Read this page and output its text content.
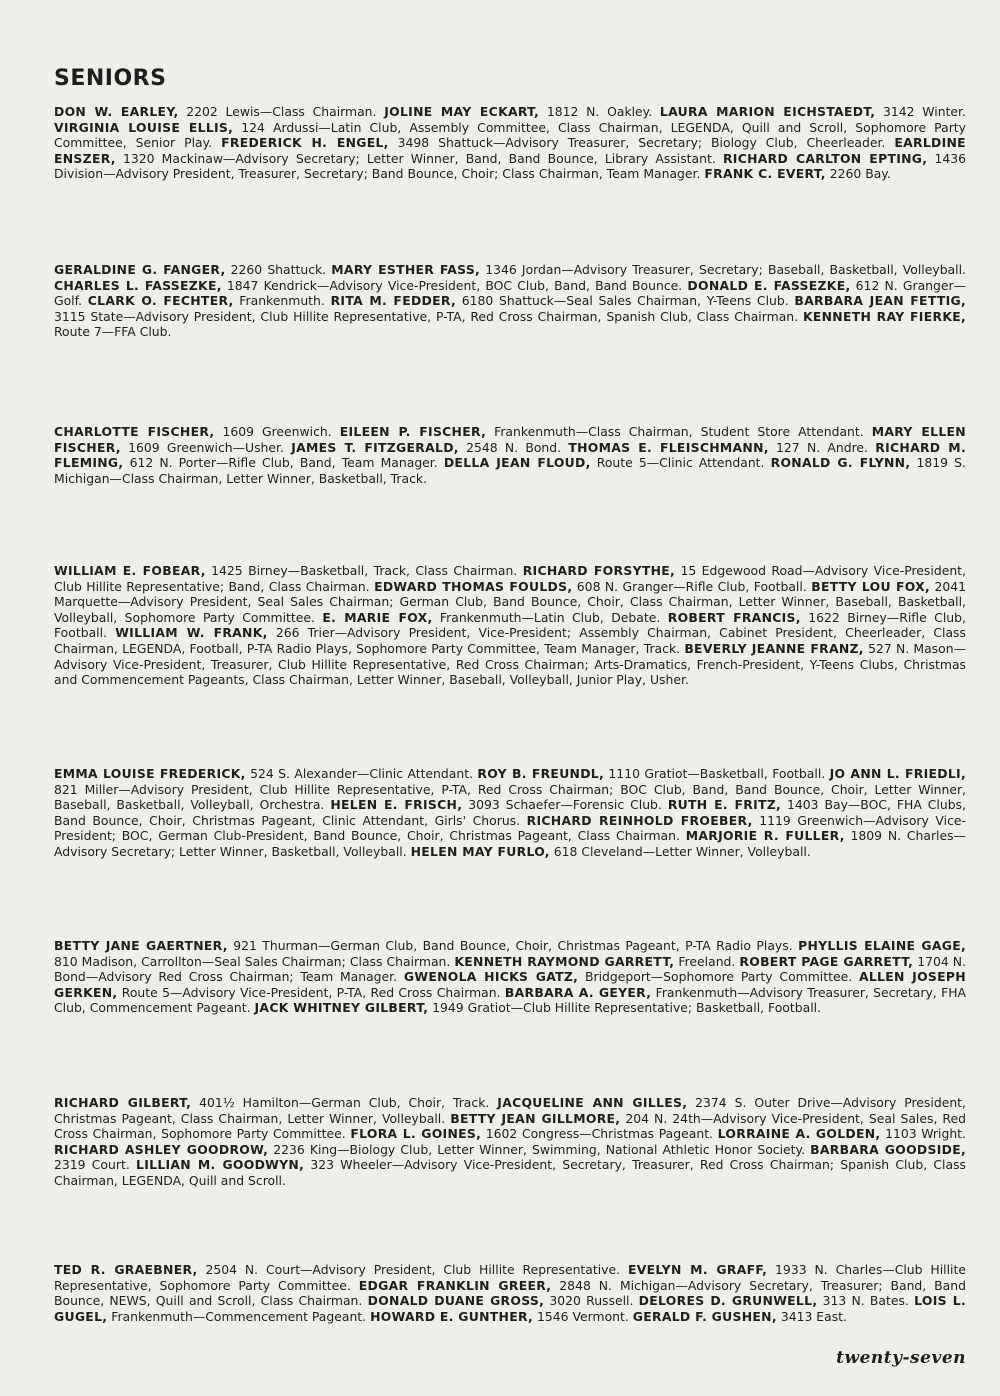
SENIORS

DON W. EARLEY, 2202 Lewis—Class Chairman. JOLINE MAY ECKART, 1812 N. Oakley. LAURA MARION EICHSTAEDT, 3142 Winter. VIRGINIA LOUISE ELLIS, 124 Ardussi—Latin Club, Assembly Committee, Class Chairman, LEGENDA, Quill and Scroll, Sophomore Party Committee, Senior Play. FREDERICK H. ENGEL, 3498 Shattuck—Advisory Treasurer, Secretary; Biology Club, Cheerleader. EARLDINE ENSZER, 1320 Mackinaw—Advisory Secretary; Letter Winner, Band, Band Bounce, Library Assistant. RICHARD CARLTON EPTING, 1436 Division—Advisory President, Treasurer, Secretary; Band Bounce, Choir; Class Chairman, Team Manager. FRANK C. EVERT, 2260 Bay.

GERALDINE G. FANGER, 2260 Shattuck. MARY ESTHER FASS, 1346 Jordan—Advisory Treasurer, Secretary; Baseball, Basketball, Volleyball. CHARLES L. FASSEZKE, 1847 Kendrick—Advisory Vice-President, BOC Club, Band, Band Bounce. DONALD E. FASSEZKE, 612 N. Granger—Golf. CLARK O. FECHTER, Frankenmuth. RITA M. FEDDER, 6180 Shattuck—Seal Sales Chairman, Y-Teens Club. BARBARA JEAN FETTIG, 3115 State—Advisory President, Club Hillite Representative, P-TA, Red Cross Chairman, Spanish Club, Class Chairman. KENNETH RAY FIERKE, Route 7—FFA Club.

CHARLOTTE FISCHER, 1609 Greenwich. EILEEN P. FISCHER, Frankenmuth—Class Chairman, Student Store Attendant. MARY ELLEN FISCHER, 1609 Greenwich—Usher. JAMES T. FITZGERALD, 2548 N. Bond. THOMAS E. FLEISCHMANN, 127 N. Andre. RICHARD M. FLEMING, 612 N. Porter—Rifle Club, Band, Team Manager. DELLA JEAN FLOUD, Route 5—Clinic Attendant. RONALD G. FLYNN, 1819 S. Michigan—Class Chairman, Letter Winner, Basketball, Track.

WILLIAM E. FOBEAR, 1425 Birney—Basketball, Track, Class Chairman. RICHARD FORSYTHE, 15 Edgewood Road—Advisory Vice-President, Club Hillite Representative; Band, Class Chairman. EDWARD THOMAS FOULDS, 608 N. Granger—Rifle Club, Football. BETTY LOU FOX, 2041 Marquette—Advisory President, Seal Sales Chairman; German Club, Band Bounce, Choir, Class Chairman, Letter Winner, Baseball, Basketball, Volleyball, Sophomore Party Committee. E. MARIE FOX, Frankenmuth—Latin Club, Debate. ROBERT FRANCIS, 1622 Birney—Rifle Club, Football. WILLIAM W. FRANK, 266 Trier—Advisory President, Vice-President; Assembly Chairman, Cabinet President, Cheerleader, Class Chairman, LEGENDA, Football, P-TA Radio Plays, Sophomore Party Committee, Team Manager, Track. BEVERLY JEANNE FRANZ, 527 N. Mason—Advisory Vice-President, Treasurer, Club Hillite Representative, Red Cross Chairman; Arts-Dramatics, French-President, Y-Teens Clubs, Christmas and Commencement Pageants, Class Chairman, Letter Winner, Baseball, Volleyball, Junior Play, Usher.

EMMA LOUISE FREDERICK, 524 S. Alexander—Clinic Attendant. ROY B. FREUNDL, 1110 Gratiot—Basketball, Football. JO ANN L. FRIEDLI, 821 Miller—Advisory President, Club Hillite Representative, P-TA, Red Cross Chairman; BOC Club, Band, Band Bounce, Choir, Letter Winner, Baseball, Basketball, Volleyball, Orchestra. HELEN E. FRISCH, 3093 Schaefer—Forensic Club. RUTH E. FRITZ, 1403 Bay—BOC, FHA Clubs, Band Bounce, Choir, Christmas Pageant, Clinic Attendant, Girls' Chorus. RICHARD REINHOLD FROEBER, 1119 Greenwich—Advisory Vice-President; BOC, German Club-President, Band Bounce, Choir, Christmas Pageant, Class Chairman. MARJORIE R. FULLER, 1809 N. Charles—Advisory Secretary; Letter Winner, Basketball, Volleyball. HELEN MAY FURLO, 618 Cleveland—Letter Winner, Volleyball.

BETTY JANE GAERTNER, 921 Thurman—German Club, Band Bounce, Choir, Christmas Pageant, P-TA Radio Plays. PHYLLIS ELAINE GAGE, 810 Madison, Carrollton—Seal Sales Chairman; Class Chairman. KENNETH RAYMOND GARRETT, Freeland. ROBERT PAGE GARRETT, 1704 N. Bond—Advisory Red Cross Chairman; Team Manager. GWENOLA HICKS GATZ, Bridgeport—Sophomore Party Committee. ALLEN JOSEPH GERKEN, Route 5—Advisory Vice-President, P-TA, Red Cross Chairman. BARBARA A. GEYER, Frankenmuth—Advisory Treasurer, Secretary, FHA Club, Commencement Pageant. JACK WHITNEY GILBERT, 1949 Gratiot—Club Hillite Representative; Basketball, Football.

RICHARD GILBERT, 401½ Hamilton—German Club, Choir, Track. JACQUELINE ANN GILLES, 2374 S. Outer Drive—Advisory President, Christmas Pageant, Class Chairman, Letter Winner, Volleyball. BETTY JEAN GILLMORE, 204 N. 24th—Advisory Vice-President, Seal Sales, Red Cross Chairman, Sophomore Party Committee. FLORA L. GOINES, 1602 Congress—Christmas Pageant. LORRAINE A. GOLDEN, 1103 Wright. RICHARD ASHLEY GOODROW, 2236 King—Biology Club, Letter Winner, Swimming, National Athletic Honor Society. BARBARA GOODSIDE, 2319 Court. LILLIAN M. GOODWYN, 323 Wheeler—Advisory Vice-President, Secretary, Treasurer, Red Cross Chairman; Spanish Club, Class Chairman, LEGENDA, Quill and Scroll.

TED R. GRAEBNER, 2504 N. Court—Advisory President, Club Hillite Representative. EVELYN M. GRAFF, 1933 N. Charles—Club Hillite Representative, Sophomore Party Committee. EDGAR FRANKLIN GREER, 2848 N. Michigan—Advisory Secretary, Treasurer; Band, Band Bounce, NEWS, Quill and Scroll, Class Chairman. DONALD DUANE GROSS, 3020 Russell. DELORES D. GRUNWELL, 313 N. Bates. LOIS L. GUGEL, Frankenmuth—Commencement Pageant. HOWARD E. GUNTHER, 1546 Vermont. GERALD F. GUSHEN, 3413 East.

twenty-seven
